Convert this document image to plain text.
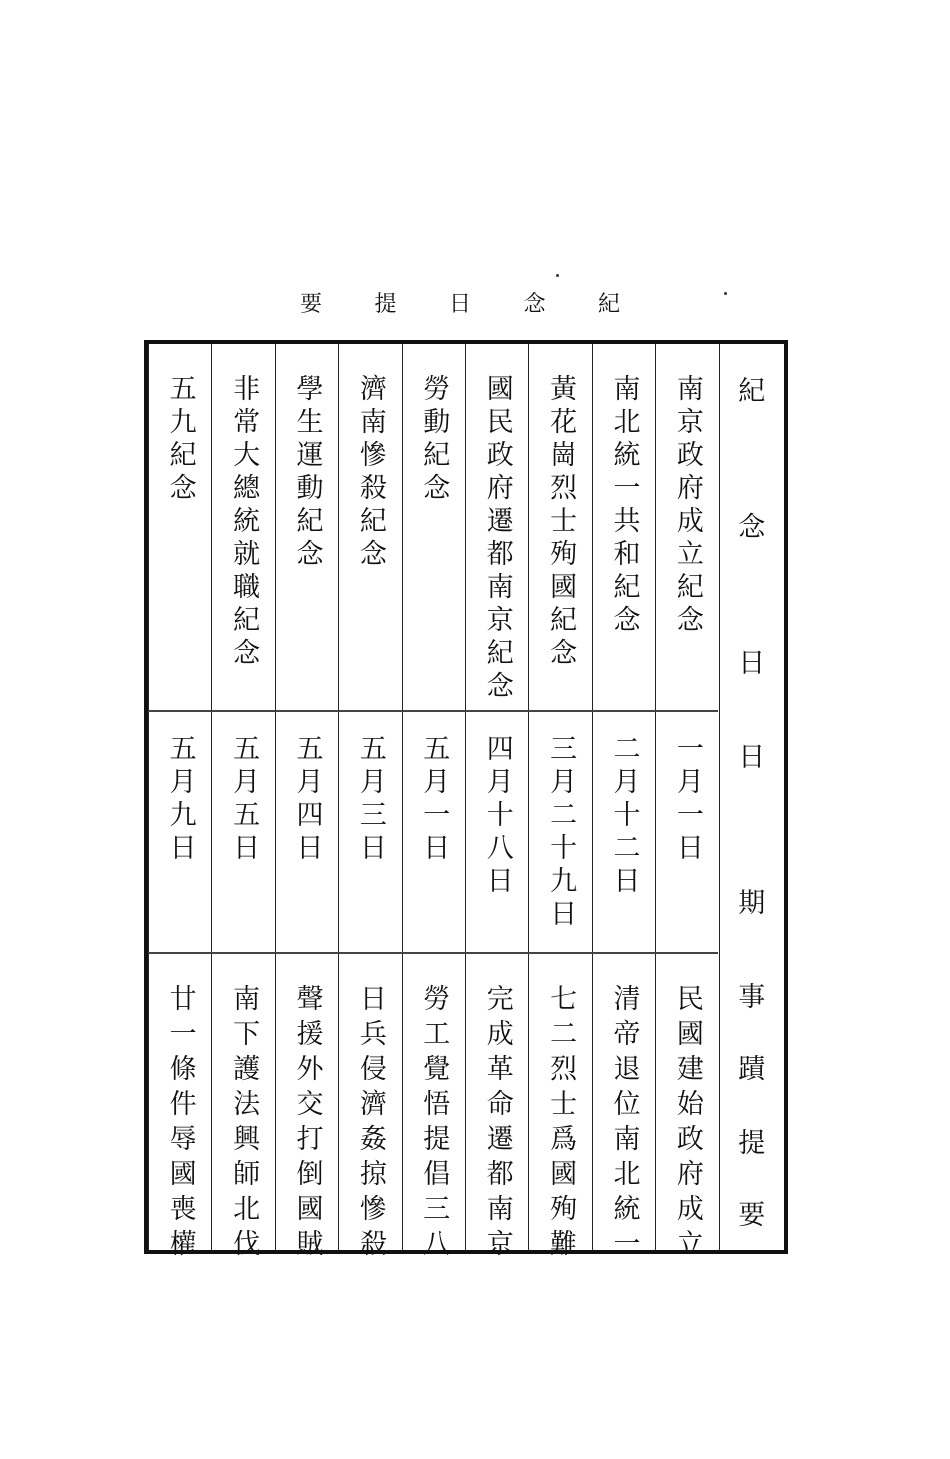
紀
念
日
提
要
紀
念
日
日
期
事
蹟
提
要
南京政府成立紀念
一月一日
民國建始政府成立
南北統一共和紀念
二月十二日
清帝退位南北統一
黃花崗烈士殉國紀念
三月二十九日
七二烈士爲國殉難
國民政府遷都南京紀念
四月十八日
完成革命遷都南京
勞動紀念
五月一日
勞工覺悟提倡三八
濟南慘殺紀念
五月三日
日兵侵濟姦掠慘殺
學生運動紀念
五月四日
聲援外交打倒國賊
非常大總統就職紀念
五月五日
南下護法興師北伐
五九紀念
五月九日
廿一條件辱國喪權
